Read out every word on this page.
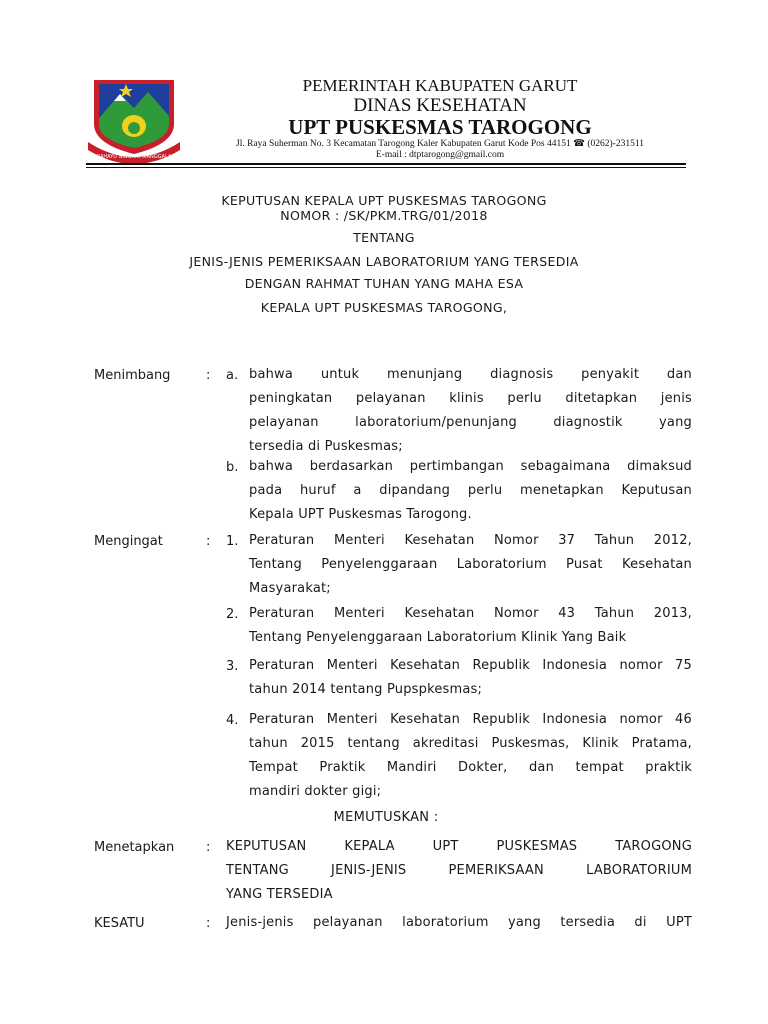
RAHAYU NINGRAT MANGGALA
PEMERINTAH KABUPATEN GARUT
DINAS KESEHATAN
UPT PUSKESMAS TAROGONG
Jl. Raya Suherman No. 3 Kecamatan Tarogong Kaler Kabupaten Garut Kode Pos 44151 ☎ (0262)-231511
E-mail : dtptarogong@gmail.com
KEPUTUSAN KEPALA UPT PUSKESMAS TAROGONG
NOMOR : /SK/PKM.TRG/01/2018
TENTANG
JENIS-JENIS PEMERIKSAAN LABORATORIUM YANG TERSEDIA
DENGAN RAHMAT TUHAN YANG MAHA ESA
KEPALA UPT PUSKESMAS TAROGONG,
Menimbang	: a. bahwa untuk menunjang diagnosis penyakit dan
peningkatan pelayanan klinis perlu ditetapkan jenis
pelayanan laboratorium/penunjang diagnostik yang
tersedia di Puskesmas;
b. bahwa berdasarkan pertimbangan sebagaimana dimaksud
pada huruf a dipandang perlu menetapkan Keputusan
Kepala UPT Puskesmas Tarogong.
Mengingat	: 1. Peraturan Menteri Kesehatan Nomor 37 Tahun 2012,
Tentang Penyelenggaraan Laboratorium Pusat Kesehatan
Masyarakat;
2. Peraturan Menteri Kesehatan Nomor 43 Tahun 2013,
Tentang Penyelenggaraan Laboratorium Klinik Yang Baik
3. Peraturan Menteri Kesehatan Republik Indonesia nomor 75
tahun 2014 tentang Pupspkesmas;
4. Peraturan Menteri Kesehatan Republik Indonesia nomor 46
tahun 2015 tentang akreditasi Puskesmas, Klinik Pratama,
Tempat Praktik Mandiri Dokter, dan tempat praktik
mandiri dokter gigi;
MEMUTUSKAN :
Menetapkan : KEPUTUSAN KEPALA UPT PUSKESMAS TAROGONG
TENTANG JENIS-JENIS PEMERIKSAAN LABORATORIUM
YANG TERSEDIA
KESATU	: Jenis-jenis pelayanan laboratorium yang tersedia di UPT
